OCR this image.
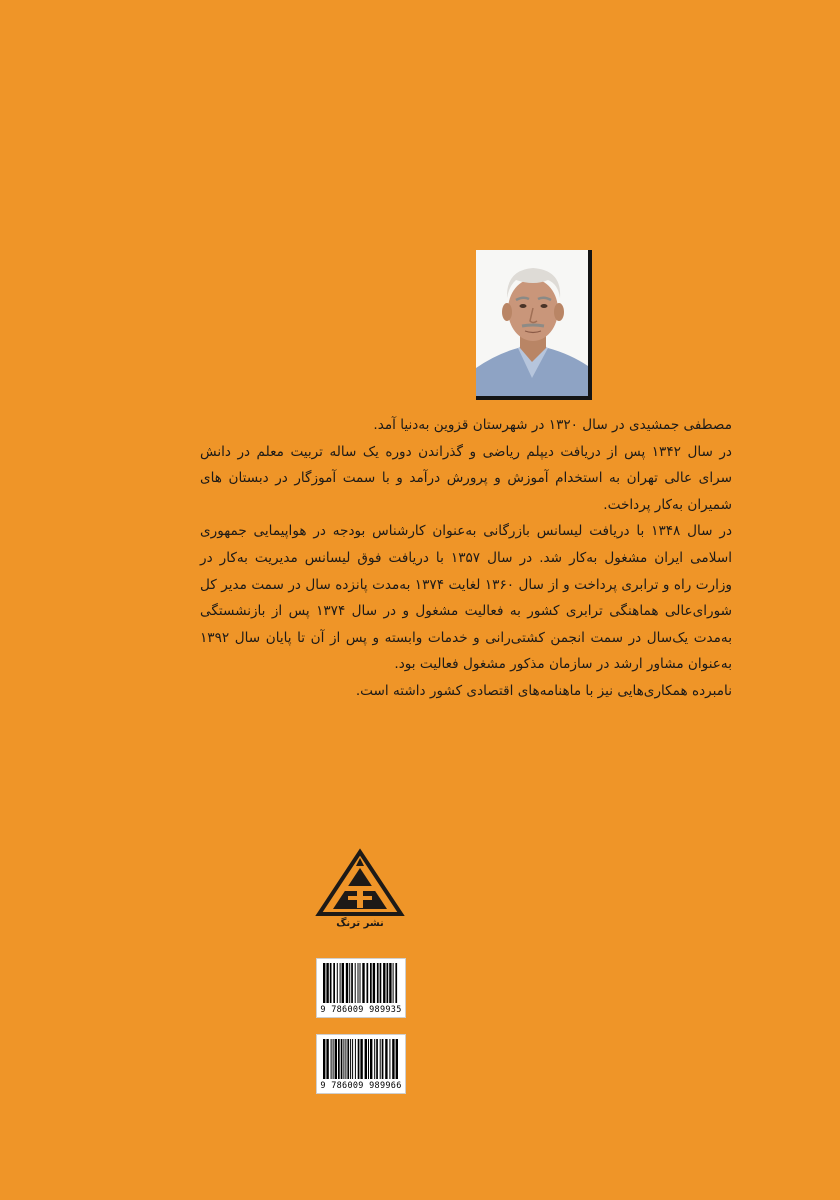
مصطفی جمشیدی در سال ۱۳۲۰ در شهرستان قزوین به‌دنیا آمد.

در سال ۱۳۴۲ پس از دریافت دیپلم ریاضی و گذراندن دوره یک ساله تربیت معلم در دانش سرای عالی تهران به استخدام آموزش و پرورش درآمد و با سمت آموزگار در دبستان های شمیران به‌کار پرداخت.

در سال ۱۳۴۸ با دریافت لیسانس بازرگانی به‌عنوان کارشناس بودجه در هواپیمایی جمهوری اسلامی ایران مشغول به‌کار شد. در سال ۱۳۵۷ با دریافت فوق لیسانس مدیریت به‌کار در وزارت راه و ترابری پرداخت و از سال ۱۳۶۰ لغایت ۱۳۷۴ به‌مدت پانزده سال در سمت مدیر کل شورای‌عالی هماهنگی ترابری کشور به فعالیت مشغول و در سال ۱۳۷۴ پس از بازنشستگی به‌مدت یک‌سال در سمت انجمن کشتی‌رانی و خدمات وابسته و پس از آن تا پایان سال ۱۳۹۲ به‌عنوان مشاور ارشد در سازمان مذکور مشغول فعالیت بود.

نامبرده همکاری‌هایی نیز با ماهنامه‌های اقتصادی کشور داشته است.

نشر ترنگ
9 786009 989935
9 786009 989966
